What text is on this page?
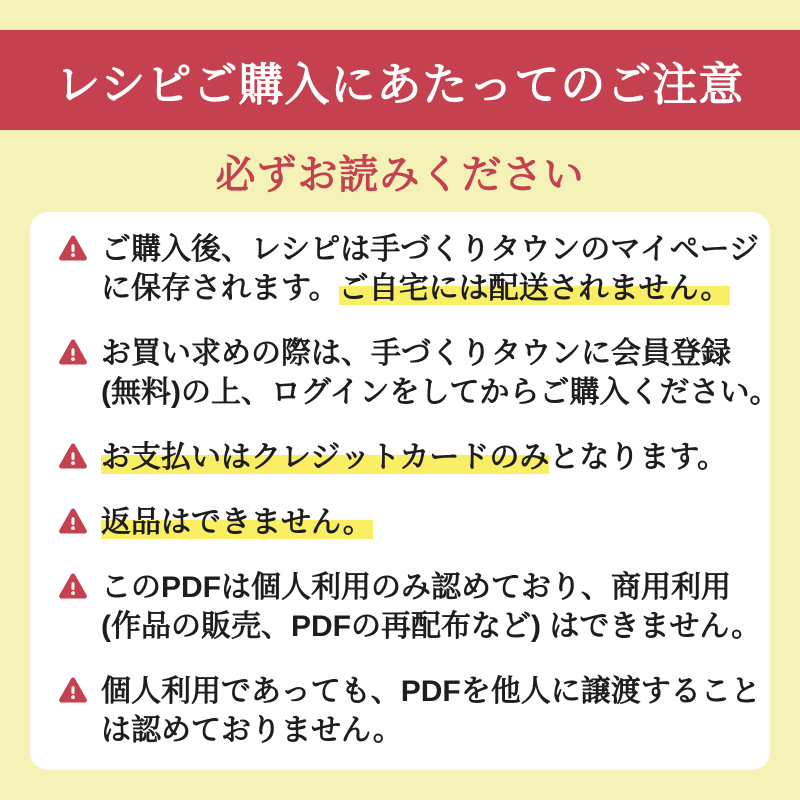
レシピご購入にあたってのご注意
必ずお読みください
ご購入後、レシピは手づくりタウンのマイページ
に保存されます。ご自宅には配送されません。
お買い求めの際は、手づくりタウンに会員登録
(無料)の上、ログインをしてからご購入ください。
お支払いはクレジットカードのみとなります。
返品はできません。
このPDFは個人利用のみ認めており、商用利用
(作品の販売、PDFの再配布など) はできません。
個人利用であっても、PDFを他人に譲渡すること
は認めておりません。
